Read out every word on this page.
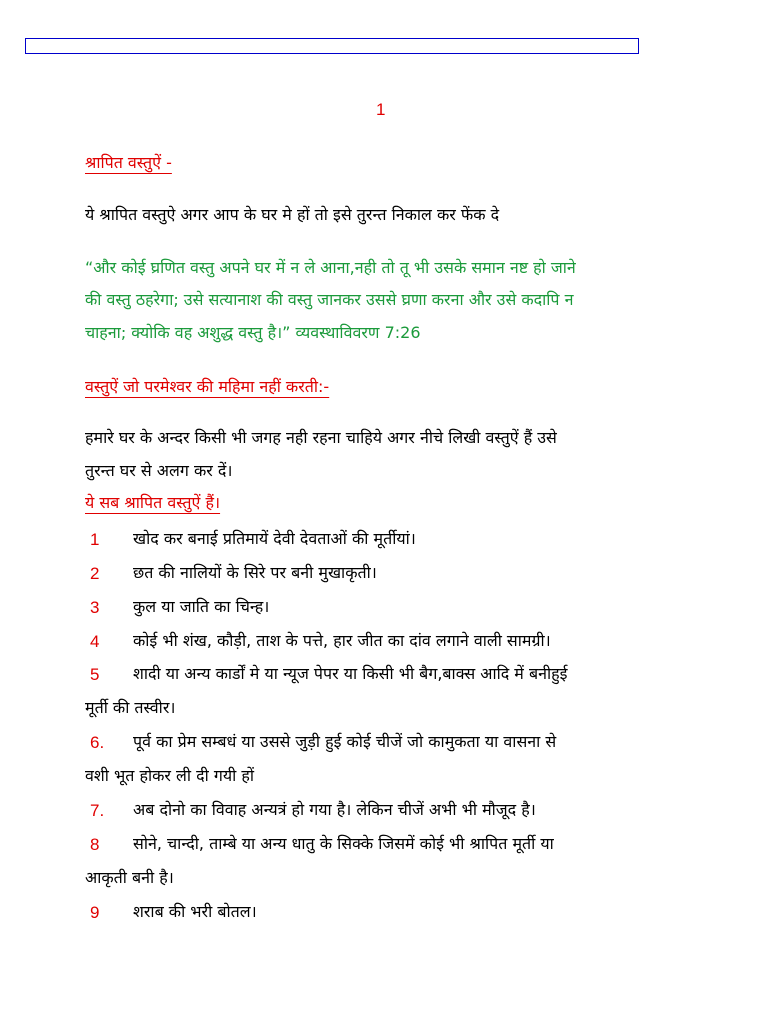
1
श्रापित वस्तुऐं -
ये श्रापित वस्तुऐ अगर आप के घर मे हों तो इसे तुरन्त निकाल कर फेंक दे
“और कोई घ्रणित वस्तु अपने घर में न ले आना,नही तो तू भी उसके समान नष्ट हो जाने
की वस्तु ठहरेगा; उसे सत्यानाश की वस्तु जानकर उससे घ्रणा करना और उसे कदापि न
चाहना; क्योकि वह अशुद्ध वस्तु है।” व्यवस्थाविवरण 7:26
वस्तुऐं जो परमेश्वर की महिमा नहीं करती:-
हमारे घर के अन्दर किसी भी जगह नही रहना चाहिये अगर नीचे लिखी वस्तुऐं हैं उसे
तुरन्त घर से अलग कर दें।
ये सब श्रापित वस्तुऐं हैं।
1 खोद कर बनाई प्रतिमायें देवी देवताओं की मूर्तीयां।
2 छत की नालियों के सिरे पर बनी मुखाकृती।
3 कुल या जाति का चिन्ह।
4 कोई भी शंख, कौड़ी, ताश के पत्ते, हार जीत का दांव लगाने वाली सामग्री।
5 शादी या अन्य कार्डों मे या न्यूज पेपर या किसी भी बैग,बाक्स आदि में बनीहुई
मूर्ती की तस्वीर।
6. पूर्व का प्रेम सम्बधं या उससे जुड़ी हुई कोई चीजें जो कामुकता या वासना से
वशी भूत होकर ली दी गयी हों
7. अब दोनो का विवाह अन्यत्रं हो गया है। लेकिन चीजें अभी भी मौजूद है।
8 सोने, चान्दी, ताम्बे या अन्य धातु के सिक्के जिसमें कोई भी श्रापित मूर्ती या
आकृती बनी है।
9 शराब की भरी बोतल।
